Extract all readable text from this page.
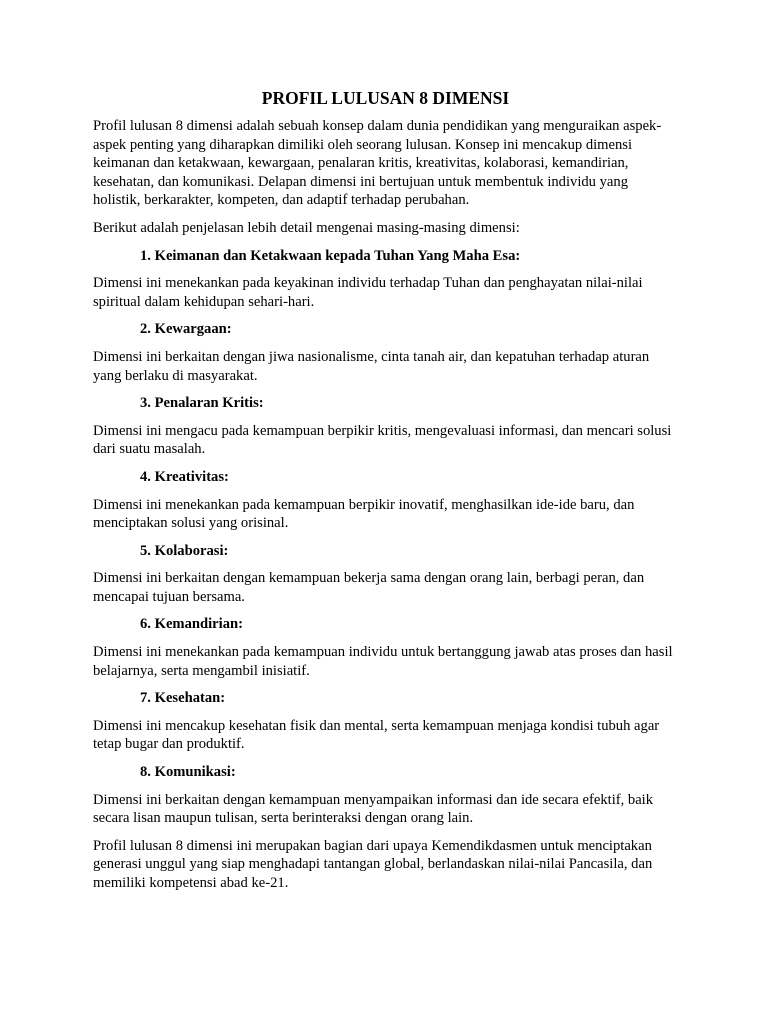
PROFIL LULUSAN 8 DIMENSI

Profil lulusan 8 dimensi adalah sebuah konsep dalam dunia pendidikan yang menguraikan aspek-aspek penting yang diharapkan dimiliki oleh seorang lulusan. Konsep ini mencakup dimensi keimanan dan ketakwaan, kewargaan, penalaran kritis, kreativitas, kolaborasi, kemandirian, kesehatan, dan komunikasi. Delapan dimensi ini bertujuan untuk membentuk individu yang holistik, berkarakter, kompeten, dan adaptif terhadap perubahan.

Berikut adalah penjelasan lebih detail mengenai masing-masing dimensi:

1. Keimanan dan Ketakwaan kepada Tuhan Yang Maha Esa:

Dimensi ini menekankan pada keyakinan individu terhadap Tuhan dan penghayatan nilai-nilai spiritual dalam kehidupan sehari-hari.

2. Kewargaan:

Dimensi ini berkaitan dengan jiwa nasionalisme, cinta tanah air, dan kepatuhan terhadap aturan yang berlaku di masyarakat.

3. Penalaran Kritis:

Dimensi ini mengacu pada kemampuan berpikir kritis, mengevaluasi informasi, dan mencari solusi dari suatu masalah.

4. Kreativitas:

Dimensi ini menekankan pada kemampuan berpikir inovatif, menghasilkan ide-ide baru, dan menciptakan solusi yang orisinal.

5. Kolaborasi:

Dimensi ini berkaitan dengan kemampuan bekerja sama dengan orang lain, berbagi peran, dan mencapai tujuan bersama.

6. Kemandirian:

Dimensi ini menekankan pada kemampuan individu untuk bertanggung jawab atas proses dan hasil belajarnya, serta mengambil inisiatif.

7. Kesehatan:

Dimensi ini mencakup kesehatan fisik dan mental, serta kemampuan menjaga kondisi tubuh agar tetap bugar dan produktif.

8. Komunikasi:

Dimensi ini berkaitan dengan kemampuan menyampaikan informasi dan ide secara efektif, baik secara lisan maupun tulisan, serta berinteraksi dengan orang lain.

Profil lulusan 8 dimensi ini merupakan bagian dari upaya Kemendikdasmen untuk menciptakan generasi unggul yang siap menghadapi tantangan global, berlandaskan nilai-nilai Pancasila, dan memiliki kompetensi abad ke-21.
